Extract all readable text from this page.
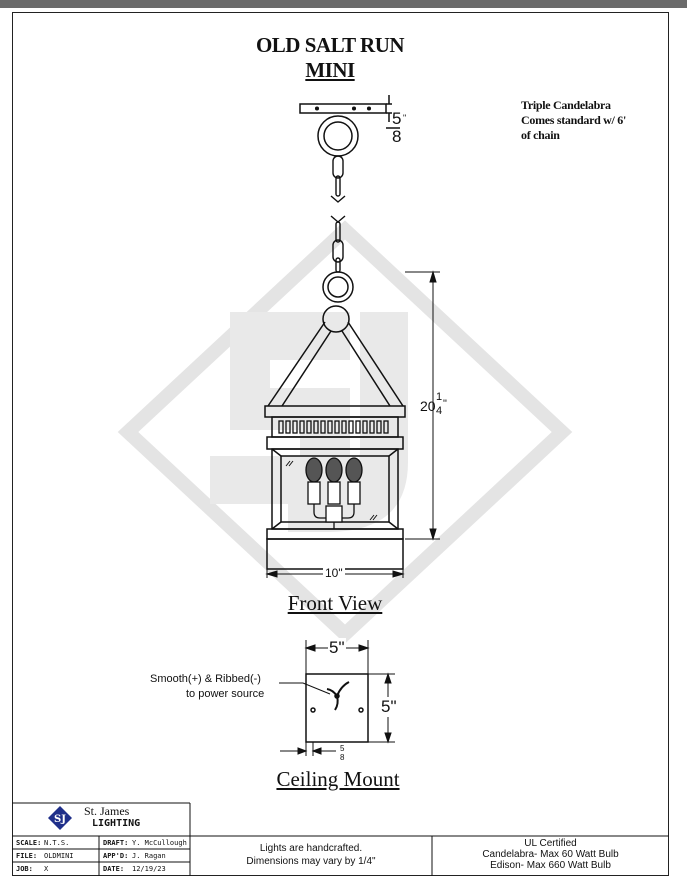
SJ
OLD SALT RUN
MINI
Triple Candelabra
Comes standard w/ 6'
of chain
5 "
8
20
1
4
"
10"
Front View
5"
5"
5
8
Smooth(+) & Ribbed(-)
to power source
Ceiling Mount
St. James
LIGHTING
SCALE: N.T.S.
FILE: OLDMINI
JOB: X
DRAFT: Y. McCullough
APP'D: J. Ragan
DATE: 12/19/23
Lights are handcrafted.
Dimensions may vary by 1/4"
UL Certified
Candelabra- Max 60 Watt Bulb
Edison- Max 660 Watt Bulb
